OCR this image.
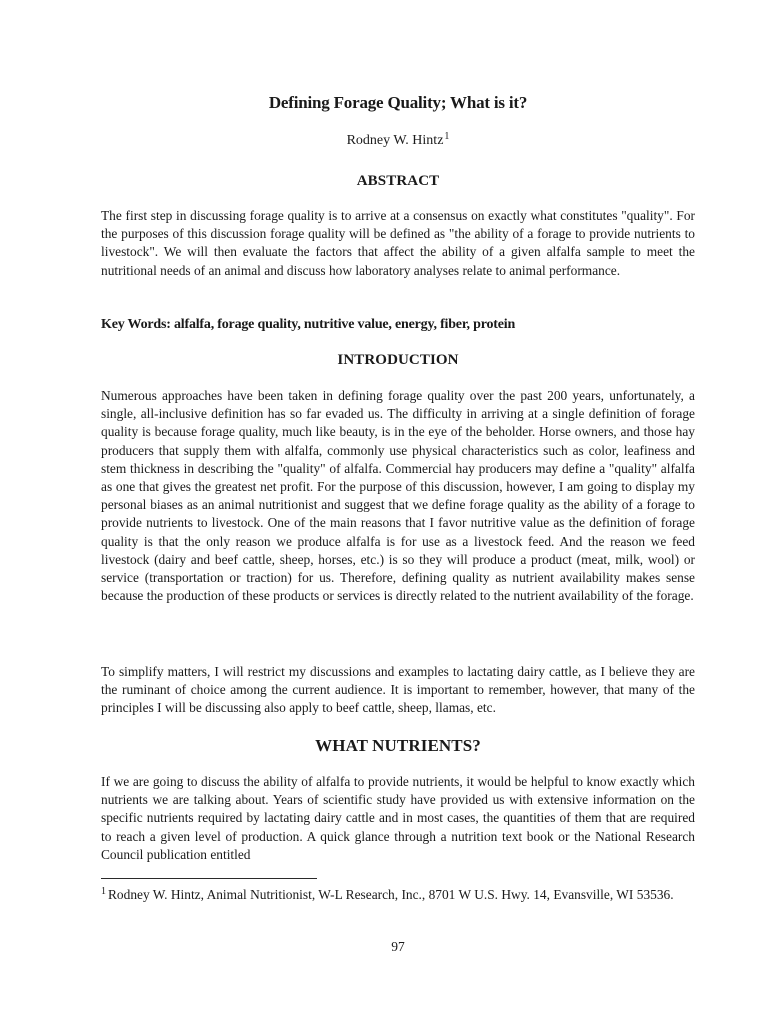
Defining Forage Quality; What is it?
Rodney W. Hintz$^1$
ABSTRACT

The first step in discussing forage quality is to arrive at a consensus on exactly what constitutes "quality". For the purposes of this discussion forage quality will be defined as "the ability of a forage to provide nutrients to livestock". We will then evaluate the factors that affect the ability of a given alfalfa sample to meet the nutritional needs of an animal and discuss how laboratory analyses relate to animal performance.

Key Words: alfalfa, forage quality, nutritive value, energy, fiber, protein
INTRODUCTION

Numerous approaches have been taken in defining forage quality over the past 200 years, unfortunately, a single, all-inclusive definition has so far evaded us. The difficulty in arriving at a single definition of forage quality is because forage quality, much like beauty, is in the eye of the beholder. Horse owners, and those hay producers that supply them with alfalfa, commonly use physical characteristics such as color, leafiness and stem thickness in describing the "quality" of alfalfa. Commercial hay producers may define a "quality" alfalfa as one that gives the greatest net profit. For the purpose of this discussion, however, I am going to display my personal biases as an animal nutritionist and suggest that we define forage quality as the ability of a forage to provide nutrients to livestock. One of the main reasons that I favor nutritive value as the definition of forage quality is that the only reason we produce alfalfa is for use as a livestock feed. And the reason we feed livestock (dairy and beef cattle, sheep, horses, etc.) is so they will produce a product (meat, milk, wool) or service (transportation or traction) for us. Therefore, defining quality as nutrient availability makes sense because the production of these products or services is directly related to the nutrient availability of the forage.

To simplify matters, I will restrict my discussions and examples to lactating dairy cattle, as I believe they are the ruminant of choice among the current audience. It is important to remember, however, that many of the principles I will be discussing also apply to beef cattle, sheep, llamas, etc.

WHAT NUTRIENTS?

If we are going to discuss the ability of alfalfa to provide nutrients, it would be helpful to know exactly which nutrients we are talking about. Years of scientific study have provided us with extensive information on the specific nutrients required by lactating dairy cattle and in most cases, the quantities of them that are required to reach a given level of production. A quick glance through a nutrition text book or the National Research Council publication entitled

$^1$ Rodney W. Hintz, Animal Nutritionist, W-L Research, Inc., 8701 W U.S. Hwy. 14, Evansville, WI 53536.

97
